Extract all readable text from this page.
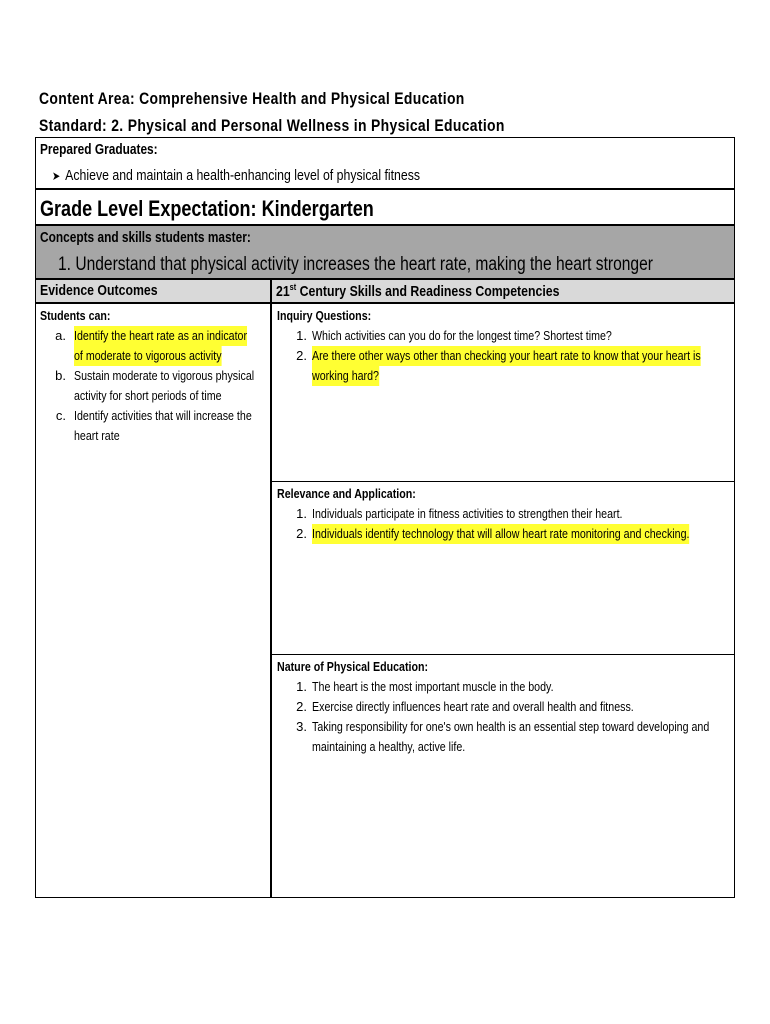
Content Area: Comprehensive Health and Physical Education
Standard: 2. Physical and Personal Wellness in Physical Education
Prepared Graduates:
➤ Achieve and maintain a health-enhancing level of physical fitness
Grade Level Expectation: Kindergarten
Concepts and skills students master:
1. Understand that physical activity increases the heart rate, making the heart stronger
Evidence Outcomes	21st Century Skills and Readiness Competencies
Students can:
a. Identify the heart rate as an indicator
of moderate to vigorous activity
b. Sustain moderate to vigorous physical
activity for short periods of time
c. Identify activities that will increase the
heart rate
Inquiry Questions:
1. Which activities can you do for the longest time? Shortest time?
2. Are there other ways other than checking your heart rate to know that your heart is
working hard?
Relevance and Application:
1. Individuals participate in fitness activities to strengthen their heart.
2. Individuals identify technology that will allow heart rate monitoring and checking.
Nature of Physical Education:
1. The heart is the most important muscle in the body.
2. Exercise directly influences heart rate and overall health and fitness.
3. Taking responsibility for one's own health is an essential step toward developing and
maintaining a healthy, active life.
